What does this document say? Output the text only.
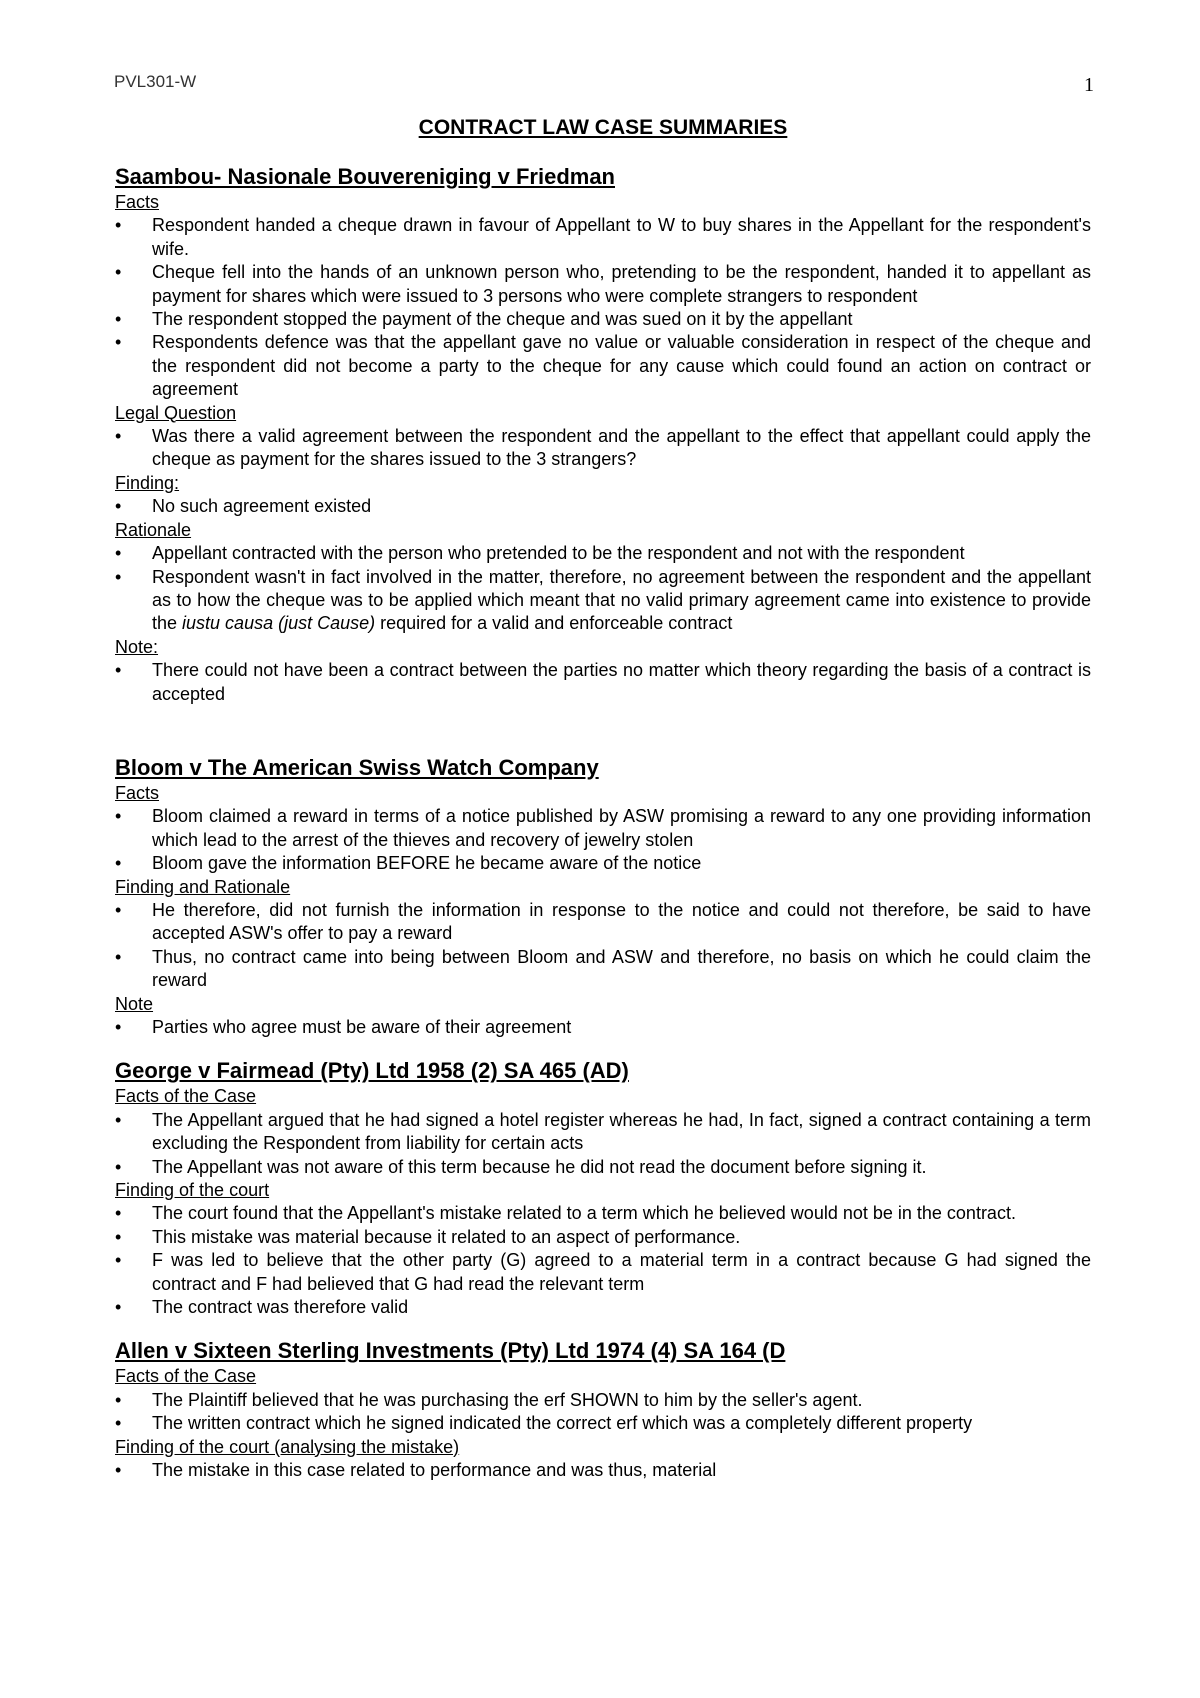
PVL301-W	1
CONTRACT LAW CASE SUMMARIES
Saambou- Nasionale Bouvereniging v Friedman
Facts
• Respondent handed a cheque drawn in favour of Appellant to W to buy shares in the Appellant for the respondent's wife.
• Cheque fell into the hands of an unknown person who, pretending to be the respondent, handed it to appellant as payment for shares which were issued to 3 persons who were complete strangers to respondent
• The respondent stopped the payment of the cheque and was sued on it by the appellant
• Respondents defence was that the appellant gave no value or valuable consideration in respect of the cheque and the respondent did not become a party to the cheque for any cause which could found an action on contract or agreement
Legal Question
• Was there a valid agreement between the respondent and the appellant to the effect that appellant could apply the cheque as payment for the shares issued to the 3 strangers?
Finding:
• No such agreement existed
Rationale
• Appellant contracted with the person who pretended to be the respondent and not with the respondent
• Respondent wasn't in fact involved in the matter, therefore, no agreement between the respondent and the appellant as to how the cheque was to be applied which meant that no valid primary agreement came into existence to provide the iustu causa (just Cause) required for a valid and enforceable contract
Note:
• There could not have been a contract between the parties no matter which theory regarding the basis of a contract is accepted
Bloom v The American Swiss Watch Company
Facts
• Bloom claimed a reward in terms of a notice published by ASW promising a reward to any one providing information which lead to the arrest of the thieves and recovery of jewelry stolen
• Bloom gave the information BEFORE he became aware of the notice
Finding and Rationale
• He therefore, did not furnish the information in response to the notice and could not therefore, be said to have accepted ASW's offer to pay a reward
• Thus, no contract came into being between Bloom and ASW and therefore, no basis on which he could claim the reward
Note
• Parties who agree must be aware of their agreement
George v Fairmead (Pty) Ltd 1958 (2) SA 465 (AD)
Facts of the Case
• The Appellant argued that he had signed a hotel register whereas he had, In fact, signed a contract containing a term excluding the Respondent from liability for certain acts
• The Appellant was not aware of this term because he did not read the document before signing it.
Finding of the court
• The court found that the Appellant's mistake related to a term which he believed would not be in the contract.
• This mistake was material because it related to an aspect of performance.
• F was led to believe that the other party (G) agreed to a material term in a contract because G had signed the contract and F had believed that G had read the relevant term
• The contract was therefore valid
Allen v Sixteen Sterling Investments (Pty) Ltd 1974 (4) SA 164 (D
Facts of the Case
• The Plaintiff believed that he was purchasing the erf SHOWN to him by the seller's agent.
• The written contract which he signed indicated the correct erf which was a completely different property
Finding of the court (analysing the mistake)
• The mistake in this case related to performance and was thus, material
